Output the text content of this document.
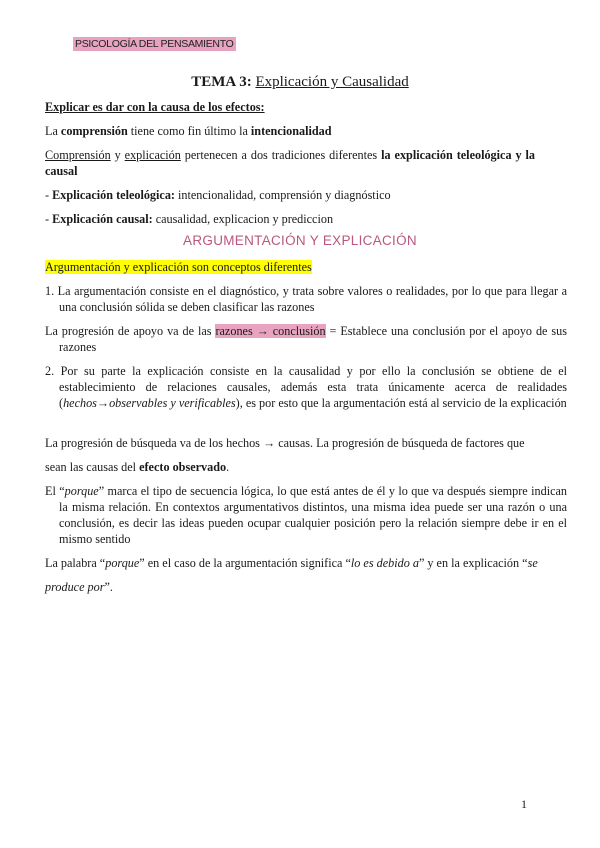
PSICOLOGÍA DEL PENSAMIENTO
TEMA 3: Explicación y Causalidad
Explicar es dar con la causa de los efectos:
La comprensión tiene como fin último la intencionalidad
Comprensión y explicación pertenecen a dos tradiciones diferentes la explicación teleológica y la causal
- Explicación teleológica: intencionalidad, comprensión y diagnóstico
- Explicación causal: causalidad, explicacion y prediccion
ARGUMENTACIÓN Y EXPLICACIÓN
Argumentación y explicación son conceptos diferentes
1. La argumentación consiste en el diagnóstico, y trata sobre valores o realidades, por lo que para llegar a una conclusión sólida se deben clasificar las razones
La progresión de apoyo va de las razones → conclusión = Establece una conclusión por el apoyo de sus razones
2. Por su parte la explicación consiste en la causalidad y por ello la conclusión se obtiene de el establecimiento de relaciones causales, además esta trata únicamente acerca de realidades (hechos→observables y verificables), es por esto que la argumentación está al servicio de la explicación
La progresión de búsqueda va de los hechos → causas. La progresión de búsqueda de factores que
sean las causas del efecto observado.
El “porque” marca el tipo de secuencia lógica, lo que está antes de él y lo que va después siempre indican la misma relación. En contextos argumentativos distintos, una misma idea puede ser una razón o una conclusión, es decir las ideas pueden ocupar cualquier posición pero la relación siempre debe ir en el mismo sentido
La palabra “porque” en el caso de la argumentación significa “lo es debido a” y en la explicación “se
produce por”.
1
